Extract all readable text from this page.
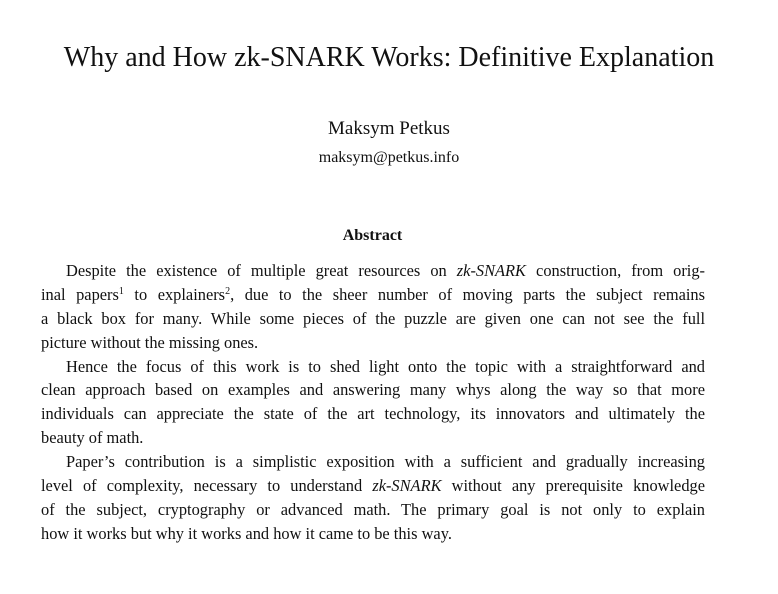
Why and How zk-SNARK Works: Definitive Explanation
Maksym Petkus
maksym@petkus.info
Abstract
Despite the existence of multiple great resources on zk-SNARK construction, from orig-
inal papers$^1$ to explainers$^2$, due to the sheer number of moving parts the subject remains
a black box for many. While some pieces of the puzzle are given one can not see the full
picture without the missing ones.
Hence the focus of this work is to shed light onto the topic with a straightforward and
clean approach based on examples and answering many whys along the way so that more
individuals can appreciate the state of the art technology, its innovators and ultimately the
beauty of math.
Paper’s contribution is a simplistic exposition with a sufficient and gradually increasing
level of complexity, necessary to understand zk-SNARK without any prerequisite knowledge
of the subject, cryptography or advanced math. The primary goal is not only to explain
how it works but why it works and how it came to be this way.
